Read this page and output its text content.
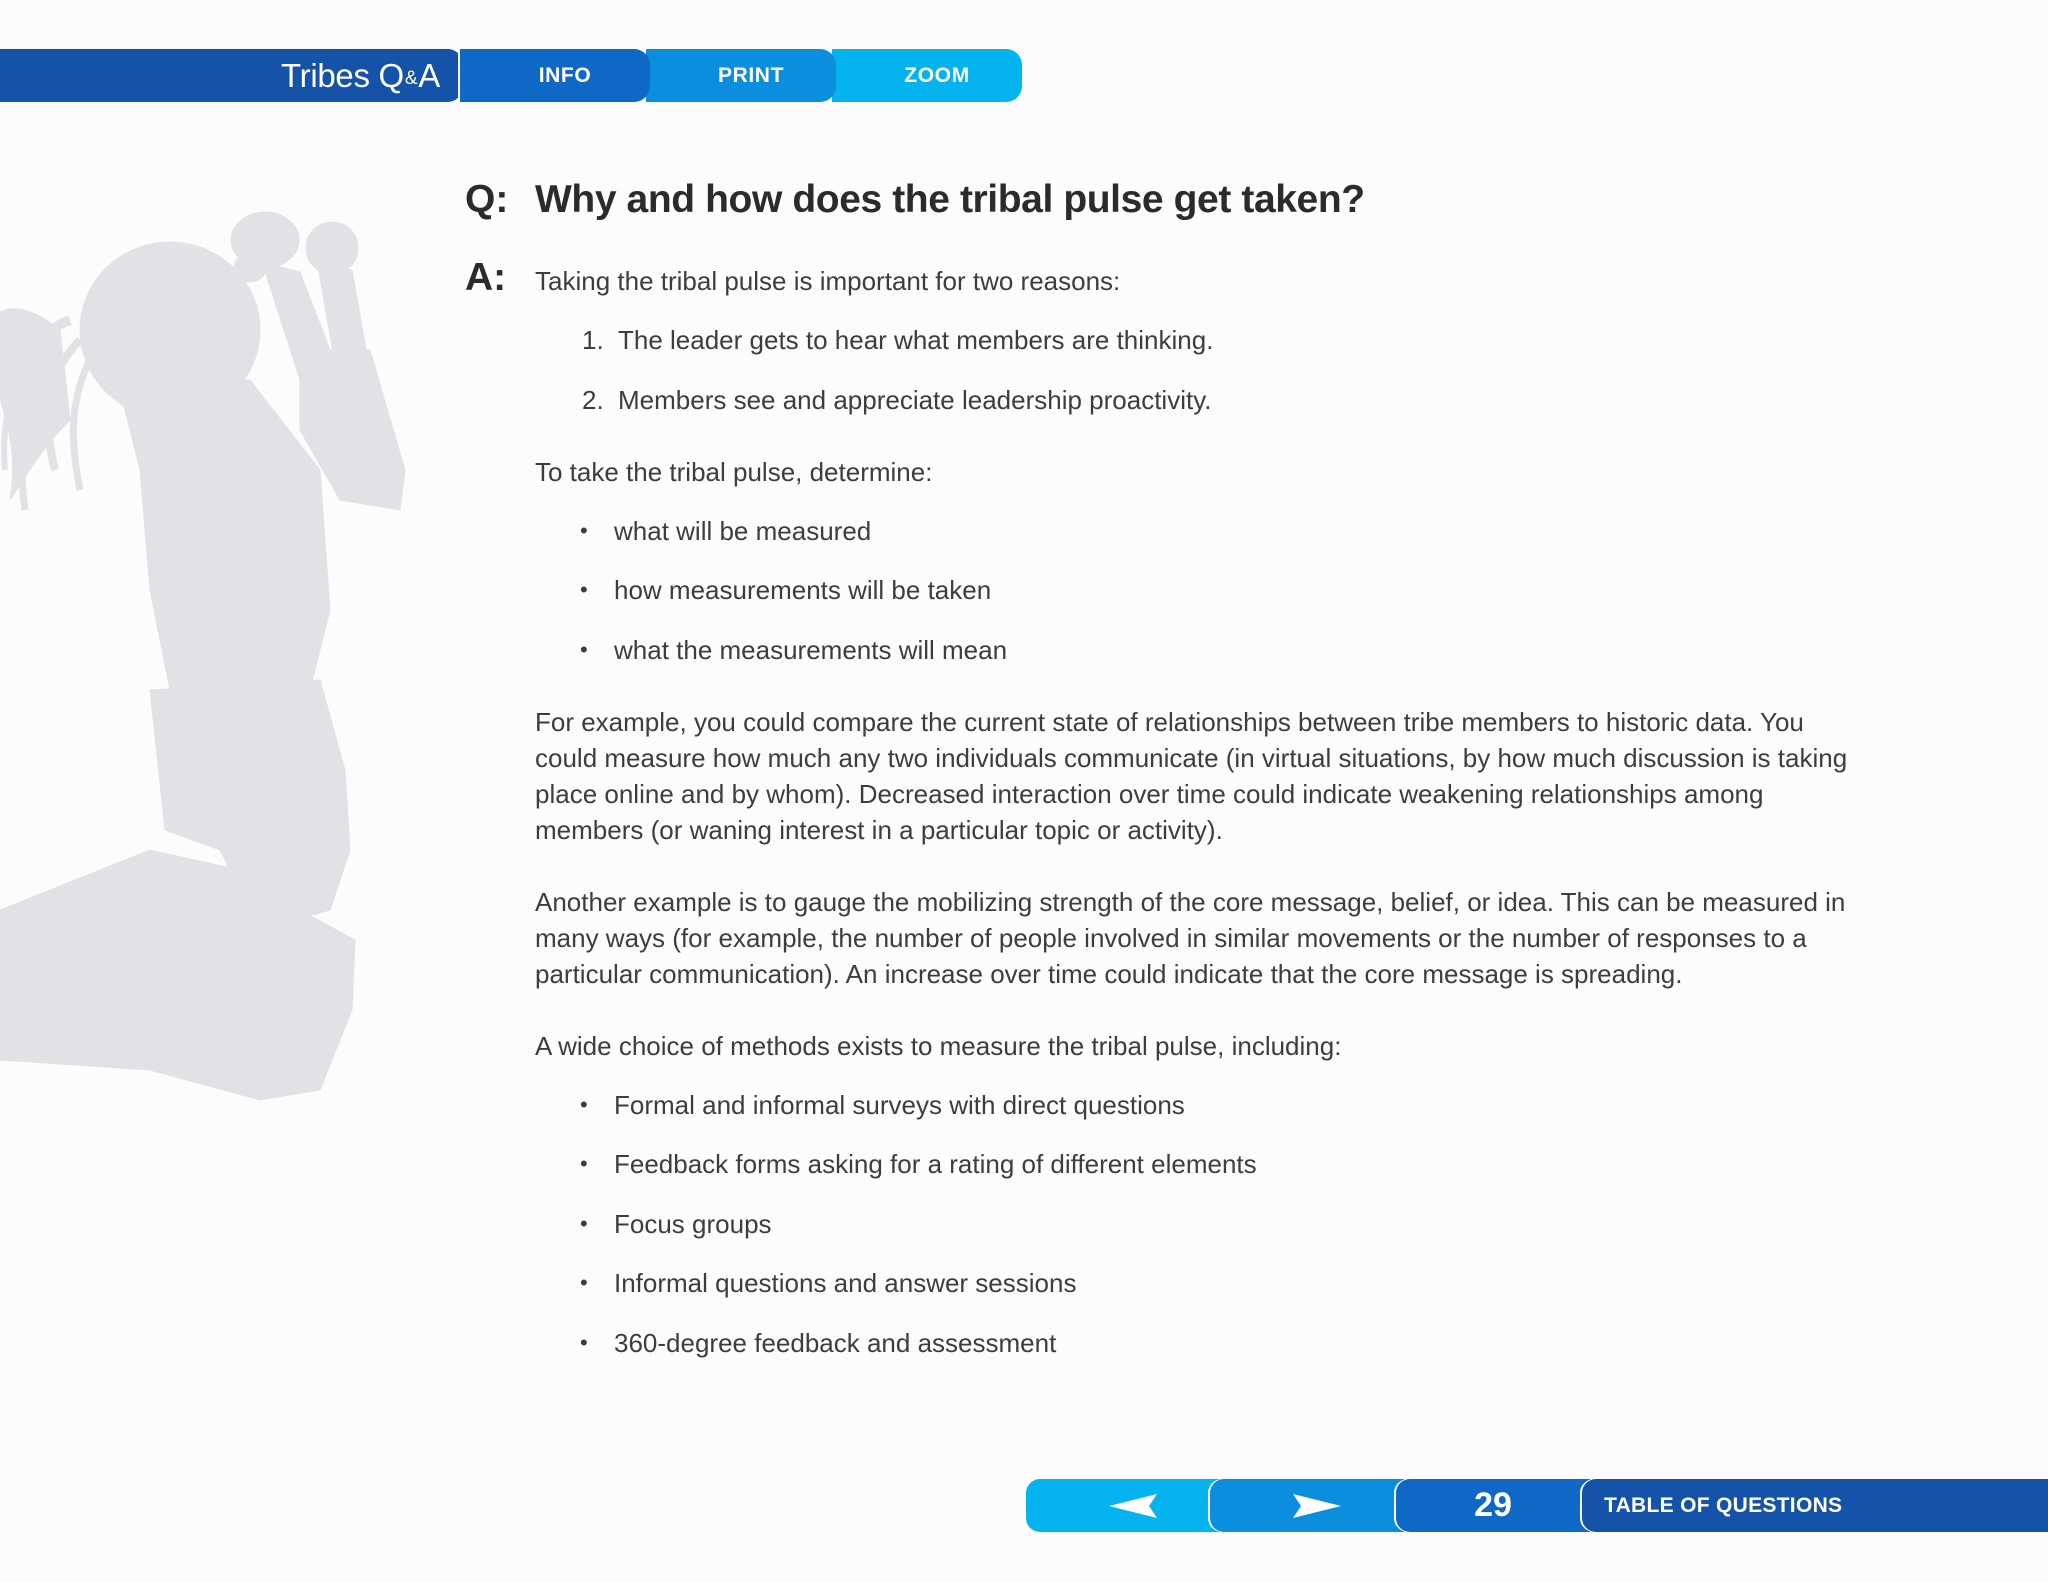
Tribes Q & A	INFO	PRINT	ZOOM
Q: Why and how does the tribal pulse get taken?
A:	Taking the tribal pulse is important for two reasons:

1. The leader gets to hear what members are thinking.
2. Members see and appreciate leadership proactivity.

To take the tribal pulse, determine:

•	what will be measured
•	how measurements will be taken
•	what the measurements will mean

For example, you could compare the current state of relationships between tribe members to historic data. You could measure how much any two individuals communicate (in virtual situations, by how much discussion is taking place online and by whom). Decreased interaction over time could indicate weakening relationships among members (or waning interest in a particular topic or activity).

Another example is to gauge the mobilizing strength of the core message, belief, or idea. This can be measured in many ways (for example, the number of people involved in similar movements or the number of responses to a particular communication). An increase over time could indicate that the core message is spreading.

A wide choice of methods exists to measure the tribal pulse, including:

•	Formal and informal surveys with direct questions
•	Feedback forms asking for a rating of different elements
•	Focus groups
•	Informal questions and answer sessions
•	360-degree feedback and assessment
29	TABLE OF QUESTIONS
